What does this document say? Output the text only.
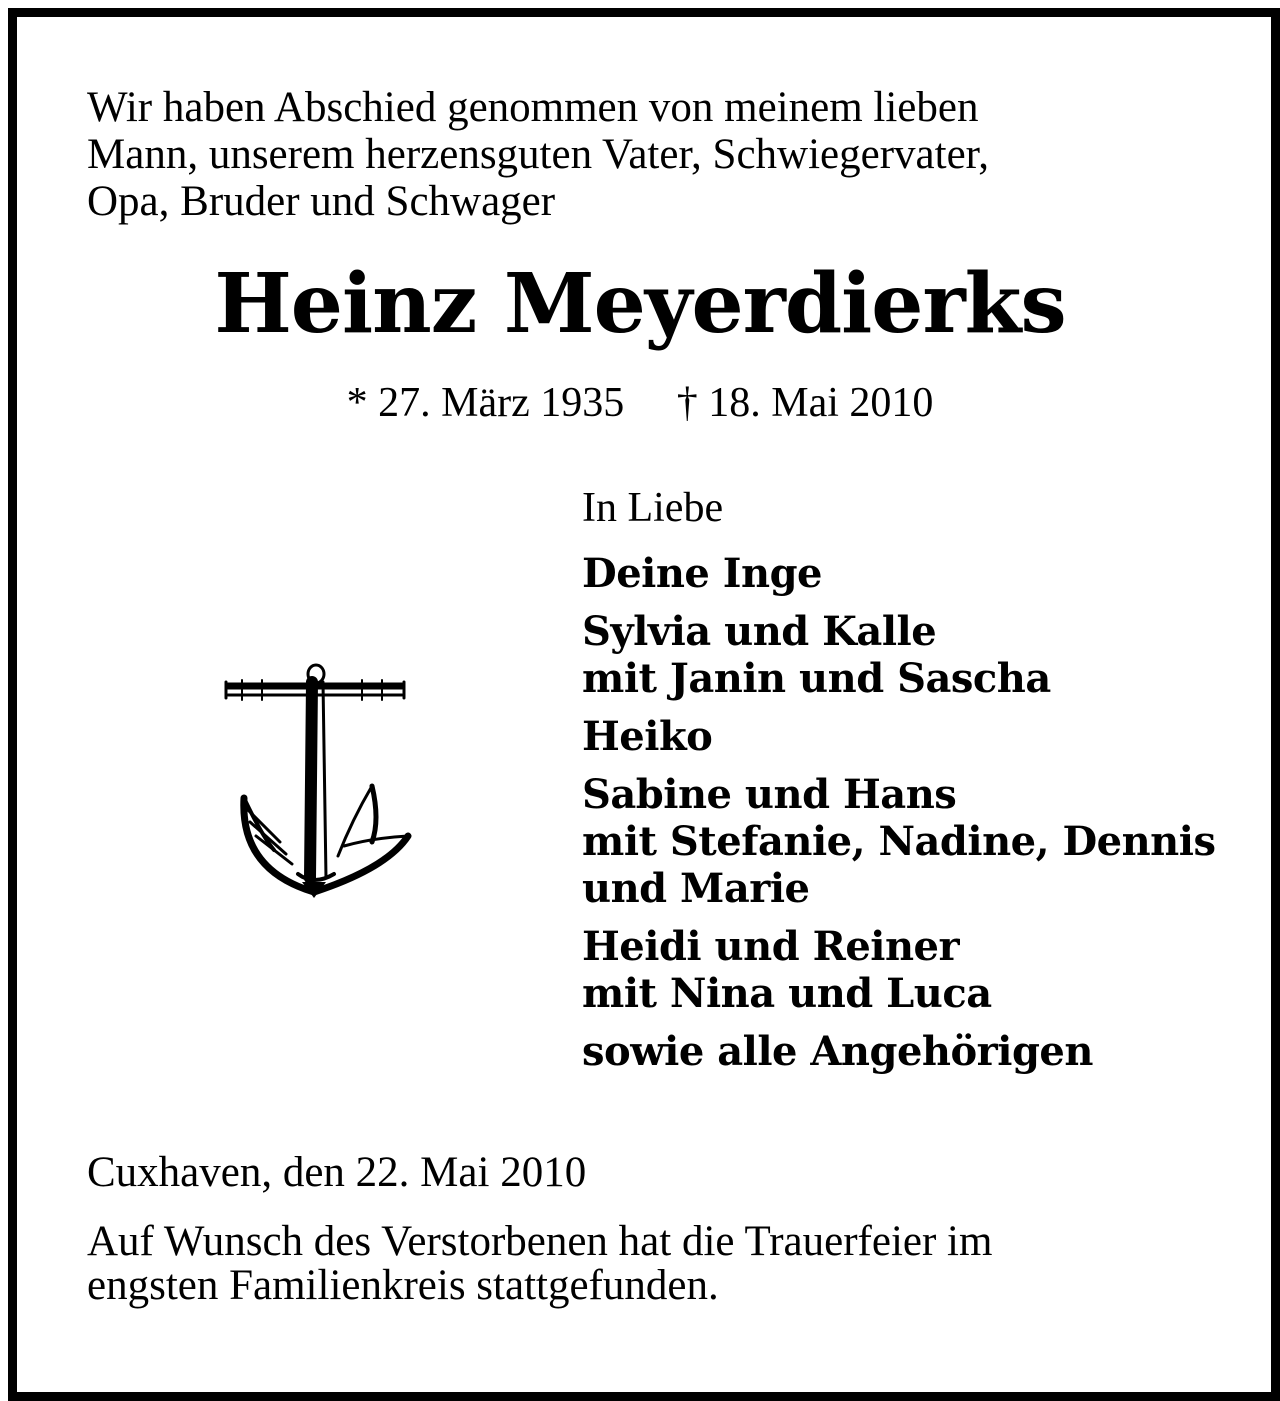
Wir haben Abschied genommen von meinem lieben
Mann, unserem herzensguten Vater, Schwiegervater,
Opa, Bruder und Schwager
Heinz Meyerdierks
* 27. März 1935 † 18. Mai 2010
In Liebe
Deine Inge
Sylvia und Kalle
mit Janin und Sascha
Heiko
Sabine und Hans
mit Stefanie, Nadine, Dennis
und Marie
Heidi und Reiner
mit Nina und Luca
sowie alle Angehörigen
Cuxhaven, den 22. Mai 2010
Auf Wunsch des Verstorbenen hat die Trauerfeier im
engsten Familienkreis stattgefunden.
